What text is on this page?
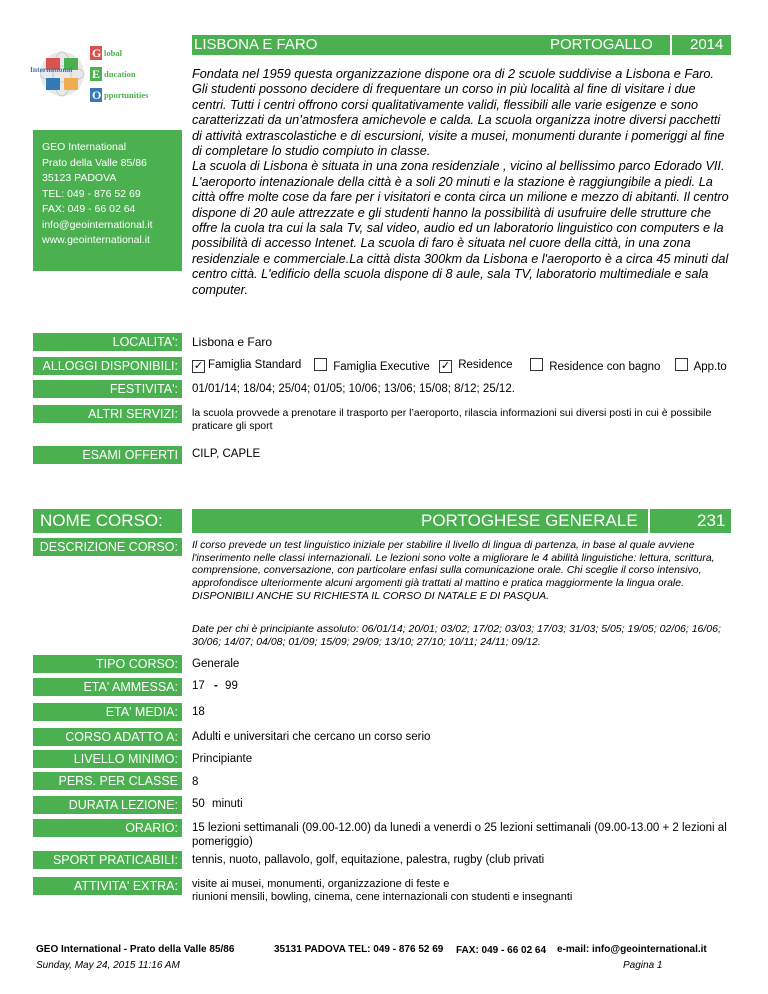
International
G
E
O
lobal
ducation
pportunities
GEO International
Prato della Valle 85/86
35123 PADOVA
TEL: 049 - 876 52 69
FAX: 049 - 66 02 64
info@geointernational.it
www.geointernational.it
LISBONA E FARO	PORTOGALLO 2014
Fondata nel 1959 questa organizzazione dispone ora di 2 scuole suddivise a Lisbona e Faro. Gli studenti possono decidere di frequentare un corso in più località al fine di visitare i due centri. Tutti i centri offrono corsi qualitativamente validi, flessibili alle varie esigenze e sono caratterizzati da un’atmosfera amichevole e calda. La scuola organizza inotre diversi pacchetti di attività extrascolastiche e di escursioni, visite a musei, monumenti durante i pomeriggi al fine di completare lo studio compiuto in classe.
La scuola di Lisbona è situata in una zona residenziale , vicino al bellissimo parco Edorado VII. L'aeroporto intenazionale della città è a soli 20 minuti e la stazione è raggiungibile a piedi. La città offre molte cose da fare per i visitatori e conta circa un milione e mezzo di abitanti. Il centro dispone di 20 aule attrezzate e gli studenti hanno la possibilità di usufruire delle strutture che offre la cuola tra cui la sala Tv, sal video, audio ed un laboratorio linguistico con computers e la possibilità di accesso Intenet. La scuola di faro è situata nel cuore della città, in una zona residenziale e commerciale.La città dista 300km da Lisbona e l'aeroporto è a circa 45 minuti dal centro città. L'edificio della scuola dispone di 8 aule, sala TV, laboratorio multimediale e sala computer.
LOCALITA':	Lisbona e Faro
ALLOGGI DISPONIBILI:	✓ Famiglia Standard	Famiglia Executive ✓ Residence	Residence con bagno	App.to
FESTIVITA':	01/01/14; 18/04; 25/04; 01/05; 10/06; 13/06; 15/08; 8/12; 25/12.
ALTRI SERVIZI:	la scuola provvede a prenotare il trasporto per l’aeroporto, rilascia informazioni sui diversi posti in cui è possibile praticare gli sport
ESAMI OFFERTI	CILP, CAPLE
NOME CORSO:	PORTOGHESE GENERALE	231
DESCRIZIONE CORSO:	Il corso prevede un test linguistico iniziale per stabilire il livello di lingua di partenza, in base al quale avviene l'inserimento nelle classi internazionali. Le lezioni sono volte a migliorare le 4 abilità linguistiche: lettura, scrittura, comprensione, conversazione, con particolare enfasi sulla comunicazione orale. Chi sceglie il corso intensivo, approfondisce ulteriormente alcuni argomenti già trattati al mattino e pratica maggiormente la lingua orale.
DISPONIBILI ANCHE SU RICHIESTA IL CORSO DI NATALE E DI PASQUA.
Date per chi è principiante assoluto: 06/01/14; 20/01; 03/02; 17/02; 03/03; 17/03; 31/03; 5/05; 19/05; 02/06; 16/06; 30/06; 14/07; 04/08; 01/09; 15/09; 29/09; 13/10; 27/10; 10/11; 24/11; 09/12.
TIPO CORSO:	Generale
ETA' AMMESSA:	17 - 99
ETA' MEDIA:	18
CORSO ADATTO A:	Adulti e universitari che cercano un corso serio
LIVELLO MINIMO:	Principiante
PERS. PER CLASSE	8
DURATA LEZIONE:	50 minuti
ORARIO:	15 lezioni settimanali (09.00-12.00) da lunedi a venerdi o 25 lezioni settimanali (09.00-13.00 + 2 lezioni al pomeriggio)
SPORT PRATICABILI:	tennis, nuoto, pallavolo, golf, equitazione, palestra, rugby (club privati
ATTIVITA' EXTRA:	visite ai musei, monumenti, organizzazione di feste e
riunioni mensili, bowling, cinema, cene internazionali con studenti e insegnanti
GEO International - Prato della Valle 85/86	35131 PADOVA TEL: 049 - 876 52 69 FAX: 049 - 66 02 64 e-mail: info@geointernational.it
Sunday, May 24, 2015 11:16 AM	Pagina 1
